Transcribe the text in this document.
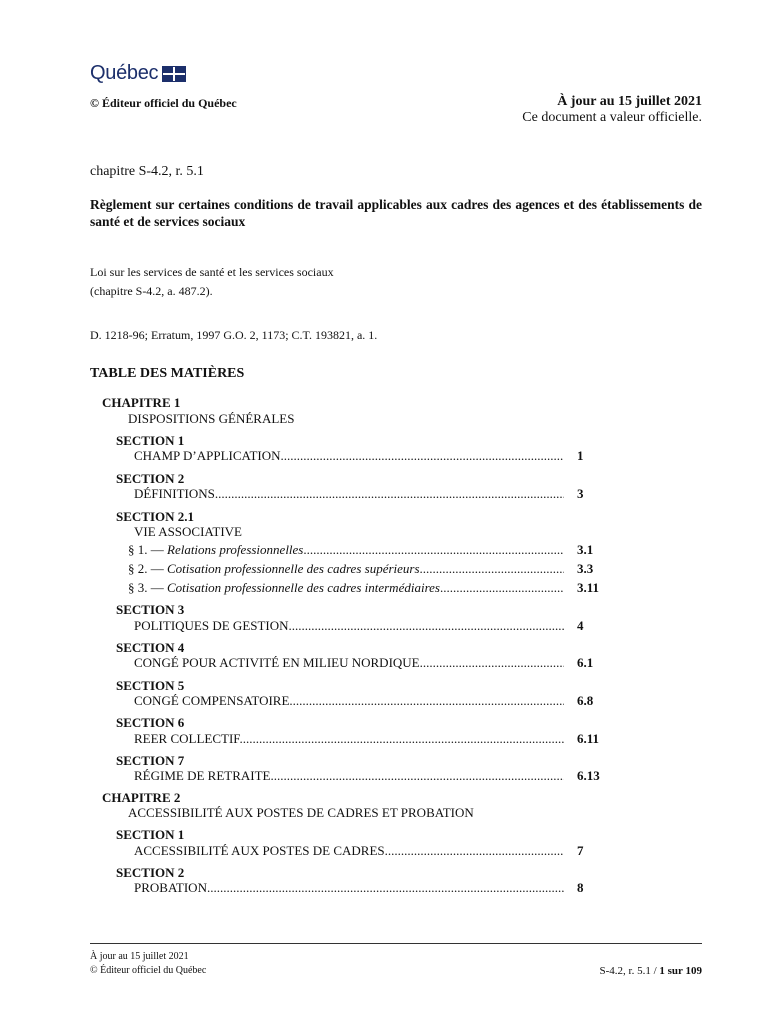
Québec
© Éditeur officiel du Québec	À jour au 15 juillet 2021
Ce document a valeur officielle.
chapitre S-4.2, r. 5.1
Règlement sur certaines conditions de travail applicables aux cadres des agences et des établissements de santé et de services sociaux
Loi sur les services de santé et les services sociaux
(chapitre S-4.2, a. 487.2).
D. 1218-96; Erratum, 1997 G.O. 2, 1173; C.T. 193821, a. 1.
TABLE DES MATIÈRES
CHAPITRE 1
DISPOSITIONS GÉNÉRALES
SECTION 1
CHAMP D’APPLICATION .....	1
SECTION 2
DÉFINITIONS .....	3
SECTION 2.1
VIE ASSOCIATIVE
§ 1. — Relations professionnelles .....	3.1
§ 2. — Cotisation professionnelle des cadres supérieurs .....	3.3
§ 3. — Cotisation professionnelle des cadres intermédiaires .....	3.11
SECTION 3
POLITIQUES DE GESTION .....	4
SECTION 4
CONGÉ POUR ACTIVITÉ EN MILIEU NORDIQUE .....	6.1
SECTION 5
CONGÉ COMPENSATOIRE .....	6.8
SECTION 6
REER COLLECTIF .....	6.11
SECTION 7
RÉGIME DE RETRAITE .....	6.13
CHAPITRE 2
ACCESSIBILITÉ AUX POSTES DE CADRES ET PROBATION
SECTION 1
ACCESSIBILITÉ AUX POSTES DE CADRES .....	7
SECTION 2
PROBATION .....	8
À jour au 15 juillet 2021
© Éditeur officiel du Québec	S-4.2, r. 5.1 / 1 sur 109
